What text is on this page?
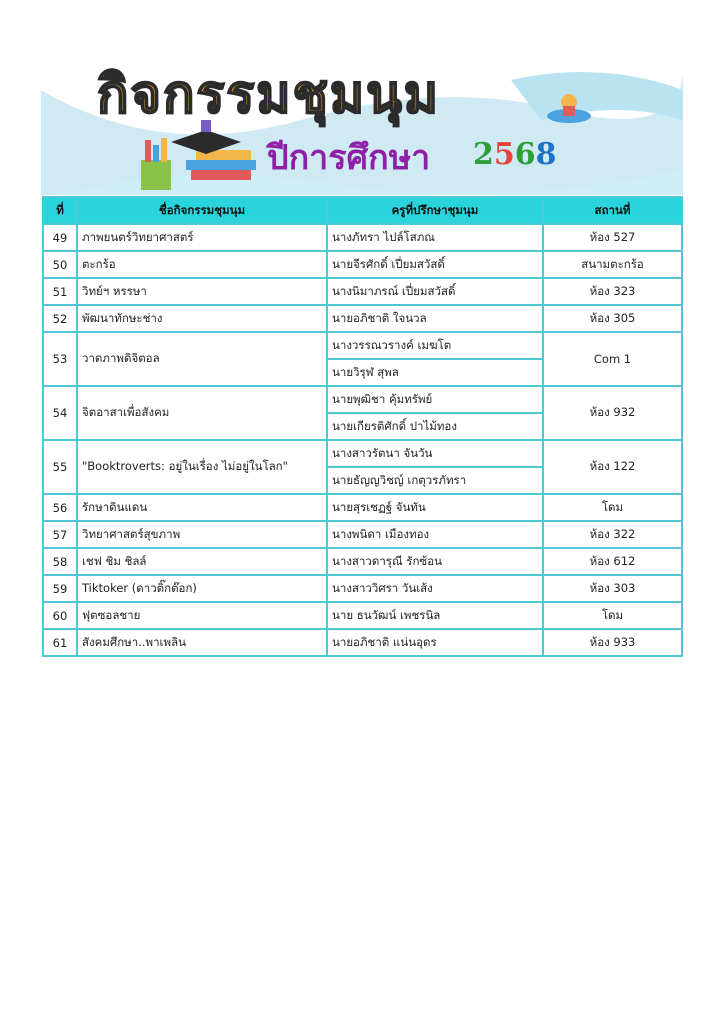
กิจกรรมชุมนุม
ปีการศึกษา 2568
ที่	ชื่อกิจกรรมชุมนุม	ครูที่ปรึกษาชุมนุม	สถานที่
49	ภาพยนตร์วิทยาศาสตร์	นางภัทรา ไปล์โสภณ	ห้อง 527
50	ตะกร้อ	นายจีรศักดิ์ เปี่ยมสวัสดิ์	สนามตะกร้อ
51	วิทย์ฯ หรรษา	นางนิมาภรณ์ เปี่ยมสวัสดิ์	ห้อง 323
52	พัฒนาทักษะช่าง	นายอภิชาติ ใจนวล	ห้อง 305
53	วาดภาพดิจิตอล	นางวรรณวรางค์ เมฆโต	Com 1
		นายวิรุฬ สุพล	
54	จิตอาสาเพื่อสังคม	นายพุฒิชา คุ้มทรัพย์	ห้อง 932
		นายเกียรติศักดิ์ ปาไม้ทอง	
55	"Booktroverts: อยู่ในเรื่อง ไม่อยู่ในโลก"	นางสาวรัตนา จันวัน	ห้อง 122
		นายธัญญวิชญ์ เกตุวรภัทรา	
56	รักษาดินแดน	นายสุรเชฏฐ์ จันทัน	โดม
57	วิทยาศาสตร์สุขภาพ	นางพนิดา เมืองทอง	ห้อง 322
58	เชฟ ชิม ชิลล์	นางสาวดารุณี รักซ้อน	ห้อง 612
59	Tiktoker (ดาวติ๊กต๊อก)	นางสาววิศรา วันเส้ง	ห้อง 303
60	ฟุตซอลชาย	นาย ธนวัฒน์ เพชรนิล	โดม
61	สังคมศึกษา..พาเพลิน	นายอภิชาติ แน่นอุดร	ห้อง 933
